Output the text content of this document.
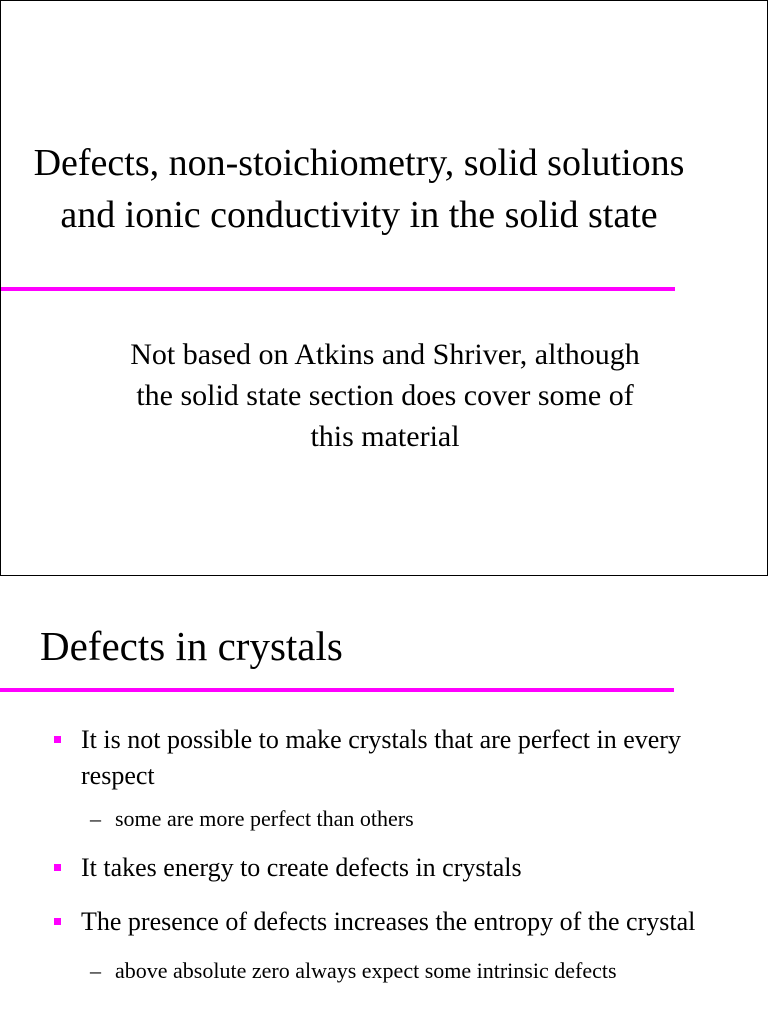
Defects, non-stoichiometry, solid solutions and ionic conductivity in the solid state
Not based on Atkins and Shriver, although the solid state section does cover some of this material
Defects in crystals
It is not possible to make crystals that are perfect in every respect
– some are more perfect than others
It takes energy to create defects in crystals
The presence of defects increases the entropy of the crystal
– above absolute zero always expect some intrinsic defects
